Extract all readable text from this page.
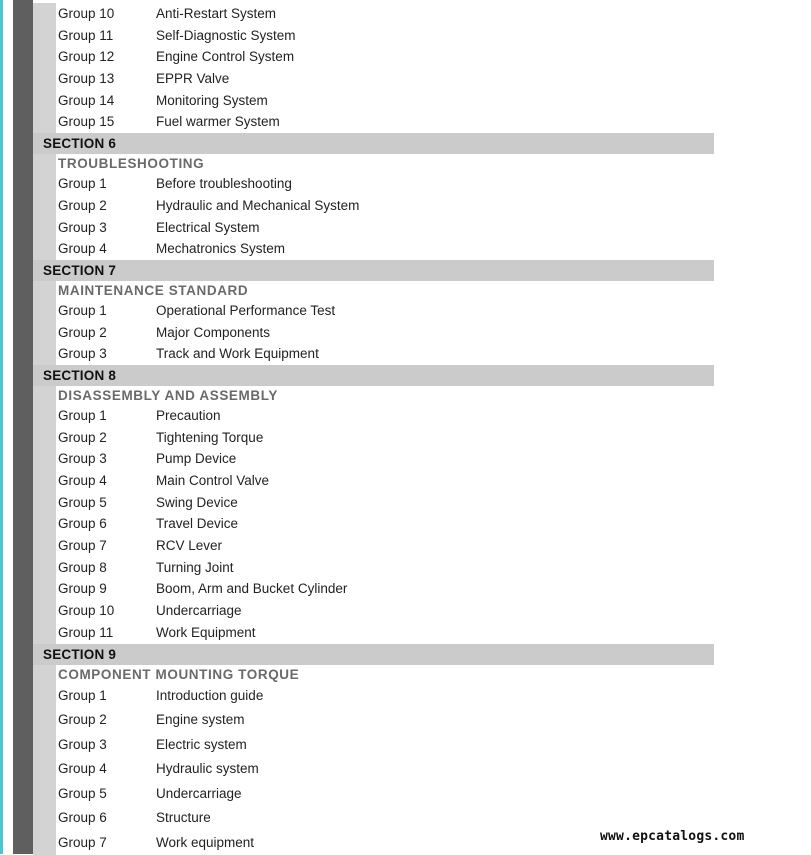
Group 10	Anti-Restart System
Group 11	Self-Diagnostic System
Group 12	Engine Control System
Group 13	EPPR Valve
Group 14	Monitoring System
Group 15	Fuel warmer System
SECTION 6
TROUBLESHOOTING
Group 1	Before troubleshooting
Group 2	Hydraulic and Mechanical System
Group 3	Electrical System
Group 4	Mechatronics System
SECTION 7
MAINTENANCE STANDARD
Group 1	Operational Performance Test
Group 2	Major Components
Group 3	Track and Work Equipment
SECTION 8
DISASSEMBLY AND ASSEMBLY
Group 1	Precaution
Group 2	Tightening Torque
Group 3	Pump Device
Group 4	Main Control Valve
Group 5	Swing Device
Group 6	Travel Device
Group 7	RCV Lever
Group 8	Turning Joint
Group 9	Boom, Arm and Bucket Cylinder
Group 10	Undercarriage
Group 11	Work Equipment
SECTION 9
COMPONENT MOUNTING TORQUE
Group 1	Introduction guide
Group 2	Engine system
Group 3	Electric system
Group 4	Hydraulic system
Group 5	Undercarriage
Group 6	Structure
Group 7	Work equipment	www.epcatalogs.com
